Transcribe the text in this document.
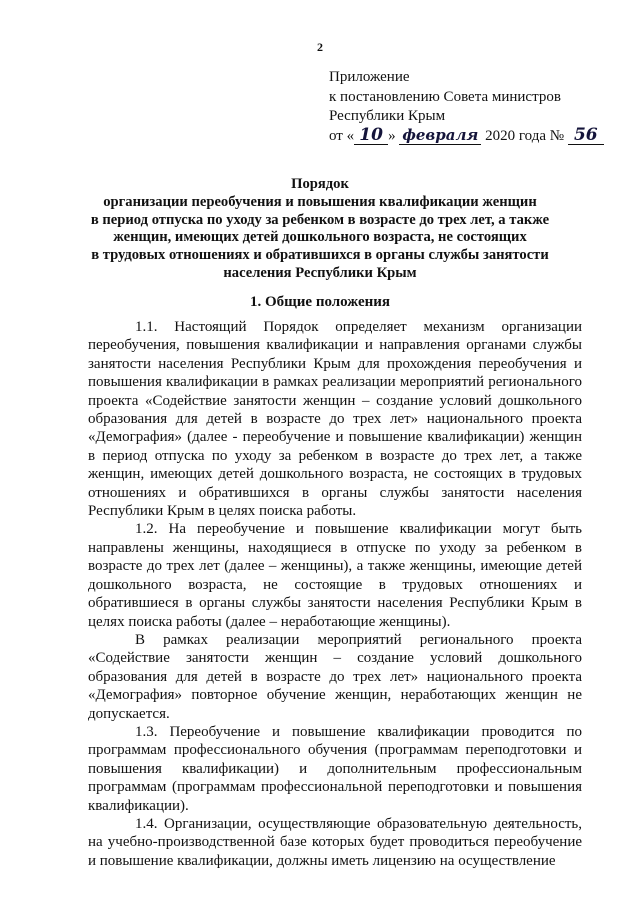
2
Приложение
к постановлению Совета министров
Республики Крым
от « 10 » февраля 2020 года № 56
Порядок
организации переобучения и повышения квалификации женщин
в период отпуска по уходу за ребенком в возрасте до трех лет, а также
женщин, имеющих детей дошкольного возраста, не состоящих
в трудовых отношениях и обратившихся в органы службы занятости
населения Республики Крым
1. Общие положения

1.1. Настоящий Порядок определяет механизм организации переобучения, повышения квалификации и направления органами службы занятости населения Республики Крым для прохождения переобучения и повышения квалификации в рамках реализации мероприятий регионального проекта «Содействие занятости женщин – создание условий дошкольного образования для детей в возрасте до трех лет» национального проекта «Демография» (далее - переобучение и повышение квалификации) женщин в период отпуска по уходу за ребенком в возрасте до трех лет, а также женщин, имеющих детей дошкольного возраста, не состоящих в трудовых отношениях и обратившихся в органы службы занятости населения Республики Крым в целях поиска работы.

1.2. На переобучение и повышение квалификации могут быть направлены женщины, находящиеся в отпуске по уходу за ребенком в возрасте до трех лет (далее – женщины), а также женщины, имеющие детей дошкольного возраста, не состоящие в трудовых отношениях и обратившиеся в органы службы занятости населения Республики Крым в целях поиска работы (далее – неработающие женщины).

В рамках реализации мероприятий регионального проекта «Содействие занятости женщин – создание условий дошкольного образования для детей в возрасте до трех лет» национального проекта «Демография» повторное обучение женщин, неработающих женщин не допускается.

1.3. Переобучение и повышение квалификации проводится по программам профессионального обучения (программам переподготовки и повышения квалификации) и дополнительным профессиональным программам (программам профессиональной переподготовки и повышения квалификации).

1.4. Организации, осуществляющие образовательную деятельность, на учебно-производственной базе которых будет проводиться переобучение и повышение квалификации, должны иметь лицензию на осуществление
